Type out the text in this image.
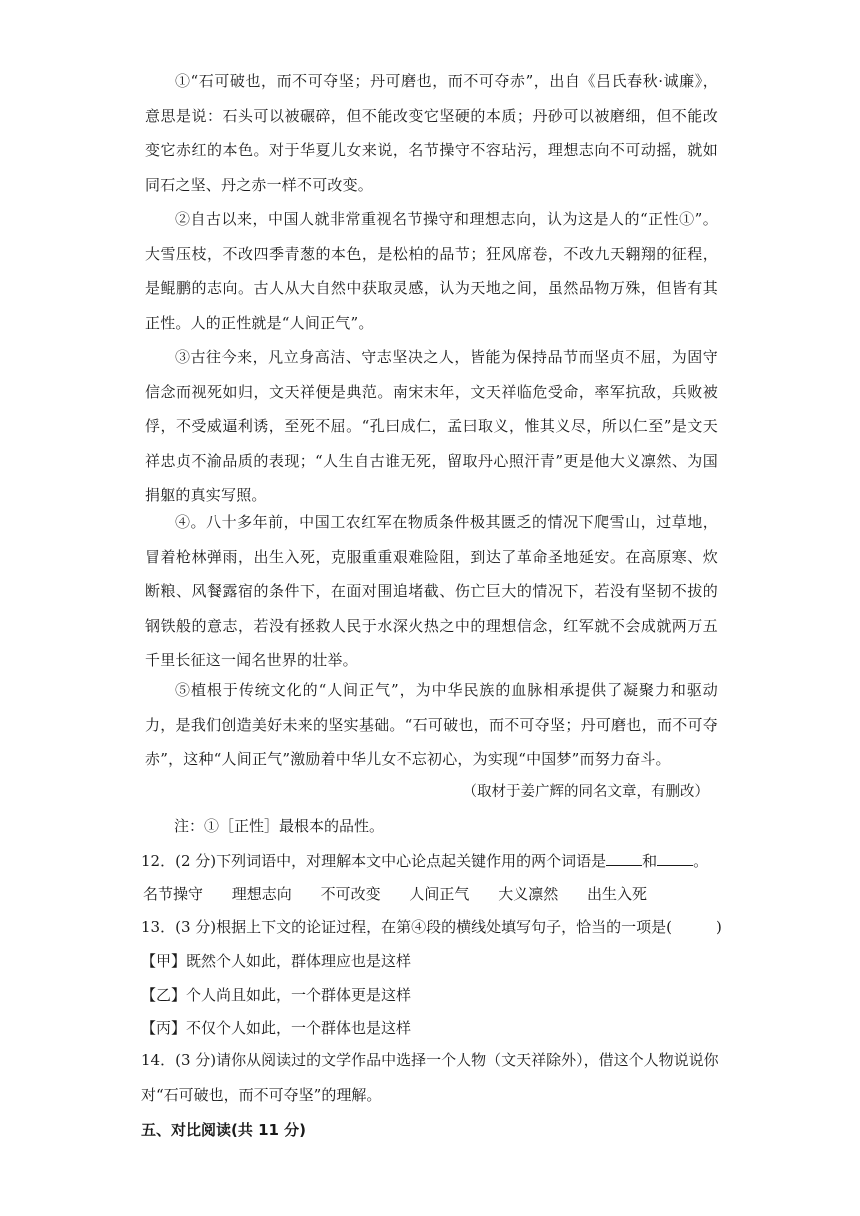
①“石可破也，而不可夺坚；丹可磨也，而不可夺赤”，出自《吕氏春秋·诚廉》，意思是说：石头可以被碾碎，但不能改变它坚硬的本质；丹砂可以被磨细，但不能改变它赤红的本色。对于华夏儿女来说，名节操守不容玷污，理想志向不可动摇，就如同石之坚、丹之赤一样不可改变。

②自古以来，中国人就非常重视名节操守和理想志向，认为这是人的“正性①”。大雪压枝，不改四季青葱的本色，是松柏的品节；狂风席卷，不改九天翱翔的征程，是鲲鹏的志向。古人从大自然中获取灵感，认为天地之间，虽然品物万殊，但皆有其正性。人的正性就是“人间正气”。

③古往今来，凡立身高洁、守志坚决之人，皆能为保持品节而坚贞不屈，为固守信念而视死如归，文天祥便是典范。南宋末年，文天祥临危受命，率军抗敌，兵败被俘，不受威逼利诱，至死不屈。“孔曰成仁，孟曰取义，惟其义尽，所以仁至”是文天祥忠贞不渝品质的表现；“人生自古谁无死，留取丹心照汗青”更是他大义凛然、为国捐躯的真实写照。

④。八十多年前，中国工农红军在物质条件极其匮乏的情况下爬雪山，过草地，冒着枪林弹雨，出生入死，克服重重艰难险阻，到达了革命圣地延安。在高原寒、炊断粮、风餐露宿的条件下，在面对围追堵截、伤亡巨大的情况下，若没有坚韧不拔的钢铁般的意志，若没有拯救人民于水深火热之中的理想信念，红军就不会成就两万五千里长征这一闻名世界的壮举。

⑤植根于传统文化的“人间正气”，为中华民族的血脉相承提供了凝聚力和驱动力，是我们创造美好未来的坚实基础。“石可破也，而不可夺坚；丹可磨也，而不可夺赤”，这种“人间正气”激励着中华儿女不忘初心，为实现“中国梦”而努力奋斗。

（取材于姜广辉的同名文章，有删改）
注：①［正性］最根本的品性。
12．(2 分)下列词语中，对理解本文中心论点起关键作用的两个词语是 和 。
名节操守 理想志向 不可改变 人间正气 大义凛然 出生入死
13．(3 分)根据上下文的论证过程，在第④段的横线处填写句子，恰当的一项是(	)
【甲】既然个人如此，群体理应也是这样
【乙】个人尚且如此，一个群体更是这样
【丙】不仅个人如此，一个群体也是这样
14．(3 分)请你从阅读过的文学作品中选择一个人物（文天祥除外），借这个人物说说你对“石可破也，而不可夺坚”的理解。
五、对比阅读(共 11 分)
